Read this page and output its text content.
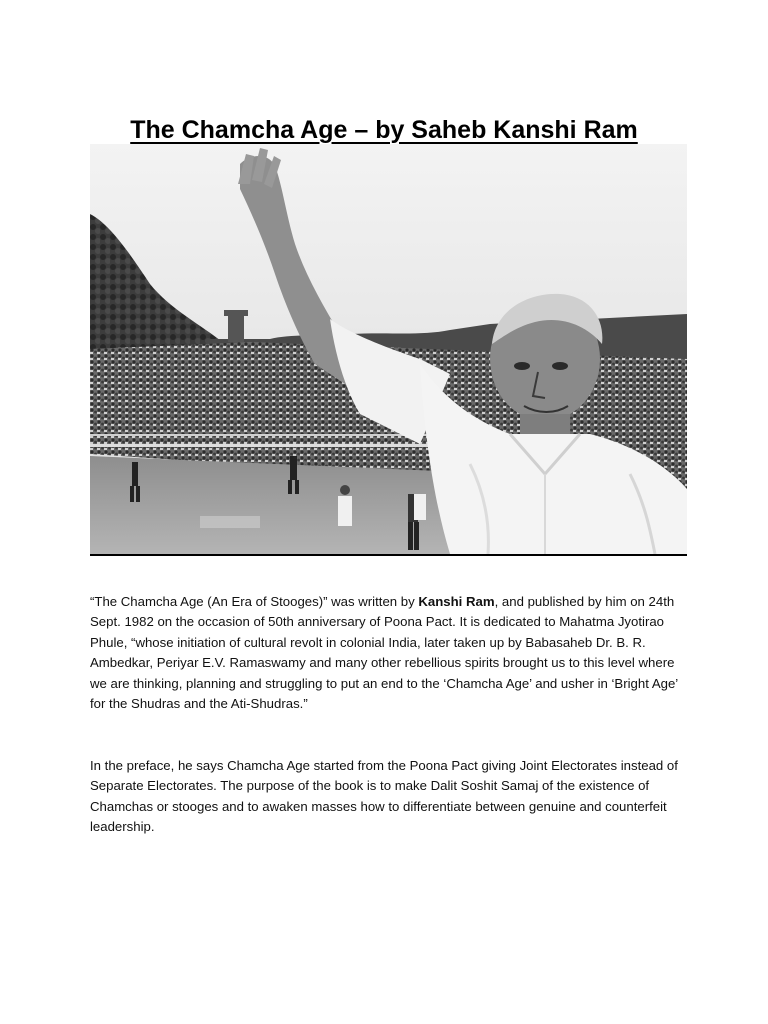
The Chamcha Age – by Saheb Kanshi Ram

“The Chamcha Age (An Era of Stooges)” was written by Kanshi Ram, and published by him on 24th Sept. 1982 on the occasion of 50th anniversary of Poona Pact. It is dedicated to Mahatma Jyotirao Phule, “whose initiation of cultural revolt in colonial India, later taken up by Babasaheb Dr. B. R. Ambedkar, Periyar E.V. Ramaswamy and many other rebellious spirits brought us to this level where we are thinking, planning and struggling to put an end to the ‘Chamcha Age’ and usher in ‘Bright Age’ for the Shudras and the Ati-Shudras.”

In the preface, he says Chamcha Age started from the Poona Pact giving Joint Electorates instead of Separate Electorates. The purpose of the book is to make Dalit Soshit Samaj of the existence of Chamchas or stooges and to awaken masses how to differentiate between genuine and counterfeit leadership.
